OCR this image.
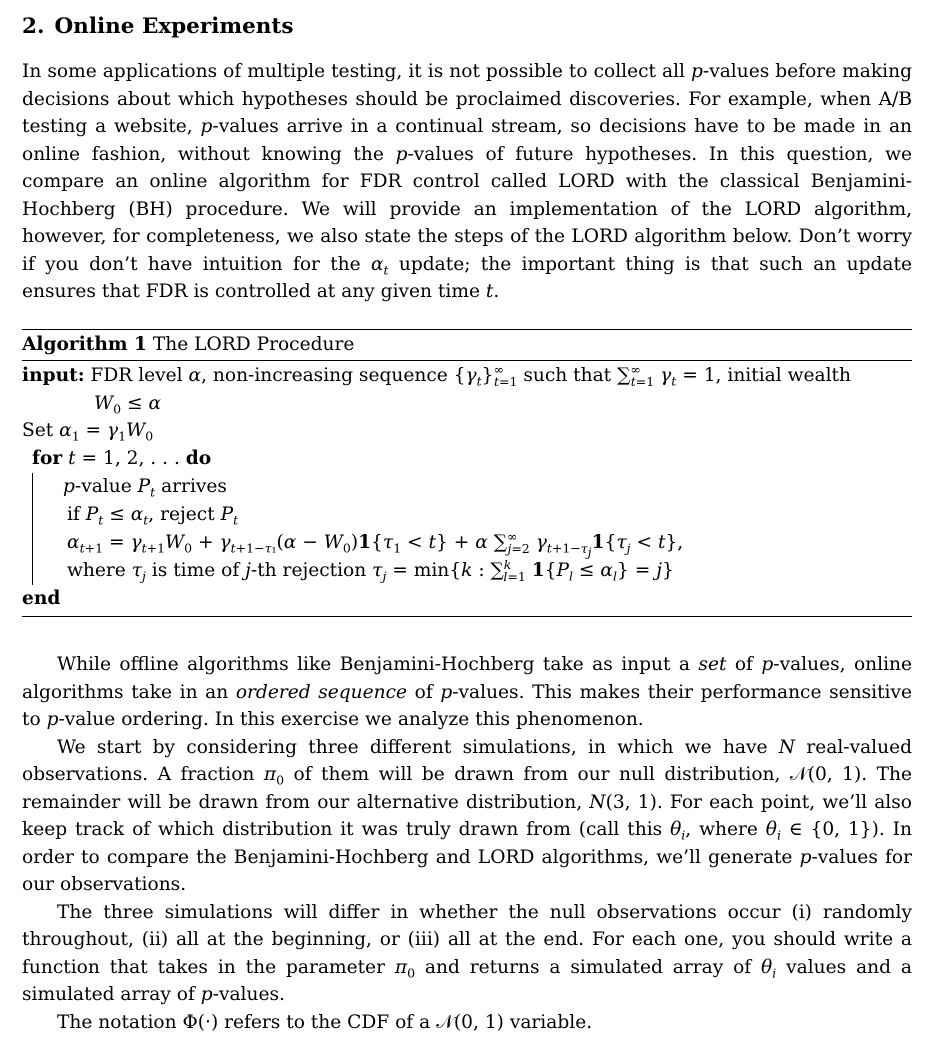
2. Online Experiments

In some applications of multiple testing, it is not possible to collect all p-values before making decisions about which hypotheses should be proclaimed discoveries. For example, when A/B testing a website, p-values arrive in a continual stream, so decisions have to be made in an online fashion, without knowing the p-values of future hypotheses. In this question, we compare an online algorithm for FDR control called LORD with the classical Benjamini-Hochberg (BH) procedure. We will provide an implementation of the LORD algorithm, however, for completeness, we also state the steps of the LORD algorithm below. Don’t worry if you don’t have intuition for the $\alpha_t$ update; the important thing is that such an update ensures that FDR is controlled at any given time t.

Algorithm 1 The LORD Procedure
input: FDR level α, non-increasing sequence $\{\gamma_t\}^\infty_{t=1}$ such that $\sum^\infty_{t=1}$ $\gamma_t = 1$, initial wealth
$W_0 \le \alpha$
Set $\alpha_1 = \gamma_1W_0$
for t = 1, 2, . . . do
p-value $P_t$ arrives
if $P_t \le \alpha_t$, reject $P_t$
$\alpha_{t+1} = \gamma_{t+1}W_0 + \gamma_{t+1-\tau_1}(\alpha - W_0)1\{\tau_1 < t\} + \alpha$ $\sum^\infty_{j=2}$ $\gamma_{t+1-\tau_j}1\{\tau_j < t\}$,
where $\tau_j$ is time of j-th rejection $\tau_j = \min\{k$ : ∑$^k_{l=1}$ $1\{P_l \le \alpha_l\} = j$}
end

While offline algorithms like Benjamini-Hochberg take as input a set of p-values, online algorithms take in an ordered sequence of p-values. This makes their performance sensitive to p-value ordering. In this exercise we analyze this phenomenon.

We start by considering three different simulations, in which we have N real-valued observations. A fraction $\pi_0$ of them will be drawn from our null distribution, 𝒩(0, 1). The remainder will be drawn from our alternative distribution, N(3, 1). For each point, we’ll also keep track of which distribution it was truly drawn from (call this $\theta_i$, where $\theta_i$ ∈ {0, 1}). In order to compare the Benjamini-Hochberg and LORD algorithms, we’ll generate p-values for our observations.

The three simulations will differ in whether the null observations occur (i) randomly throughout, (ii) all at the beginning, or (iii) all at the end. For each one, you should write a function that takes in the parameter $\pi_0$ and returns a simulated array of $\theta_i$ values and a simulated array of p-values.

The notation Φ(·) refers to the CDF of a 𝒩(0, 1) variable.
